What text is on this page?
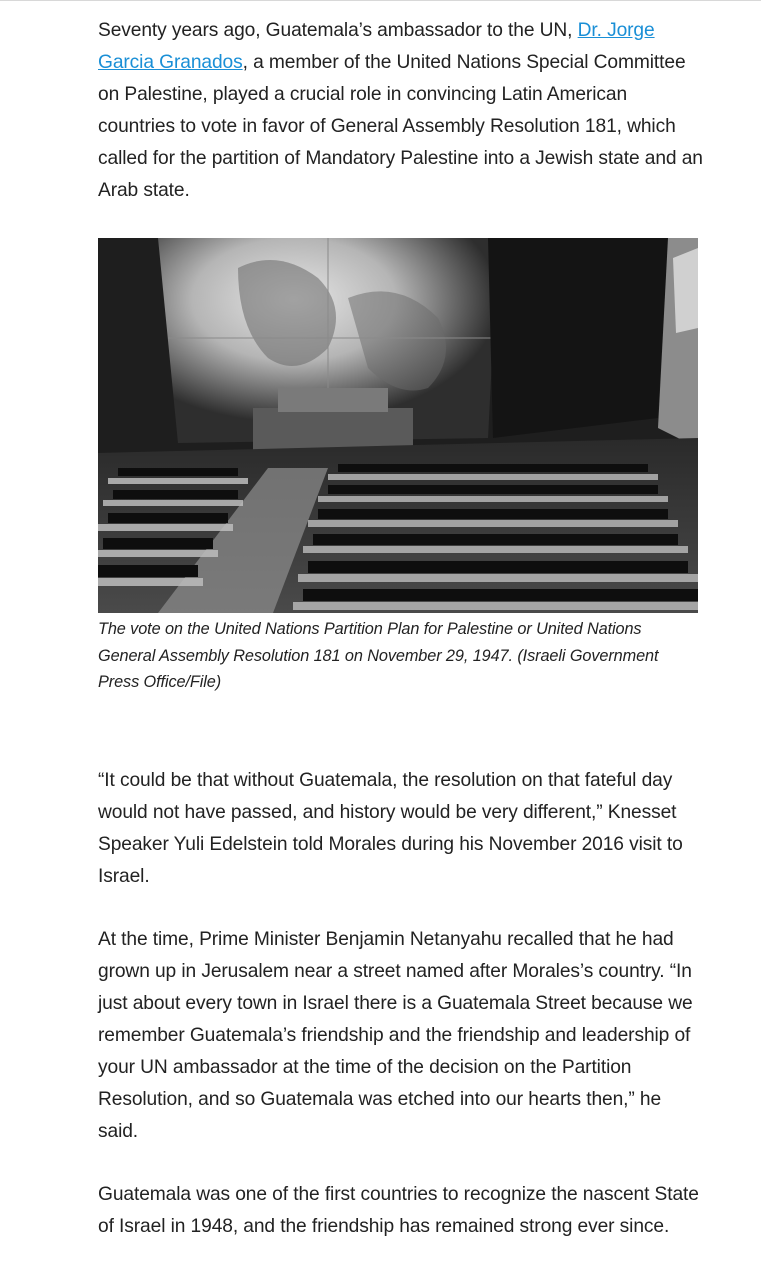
Seventy years ago, Guatemala’s ambassador to the UN, Dr. Jorge Garcia Granados, a member of the United Nations Special Committee on Palestine, played a crucial role in convincing Latin American countries to vote in favor of General Assembly Resolution 181, which called for the partition of Mandatory Palestine into a Jewish state and an Arab state.

The vote on the United Nations Partition Plan for Palestine or United Nations General Assembly Resolution 181 on November 29, 1947. (Israeli Government Press Office/File)

“It could be that without Guatemala, the resolution on that fateful day would not have passed, and history would be very different,” Knesset Speaker Yuli Edelstein told Morales during his November 2016 visit to Israel.

At the time, Prime Minister Benjamin Netanyahu recalled that he had grown up in Jerusalem near a street named after Morales’s country. “In just about every town in Israel there is a Guatemala Street because we remember Guatemala’s friendship and the friendship and leadership of your UN ambassador at the time of the decision on the Partition Resolution, and so Guatemala was etched into our hearts then,” he said.

Guatemala was one of the first countries to recognize the nascent State of Israel in 1948, and the friendship has remained strong ever since.
